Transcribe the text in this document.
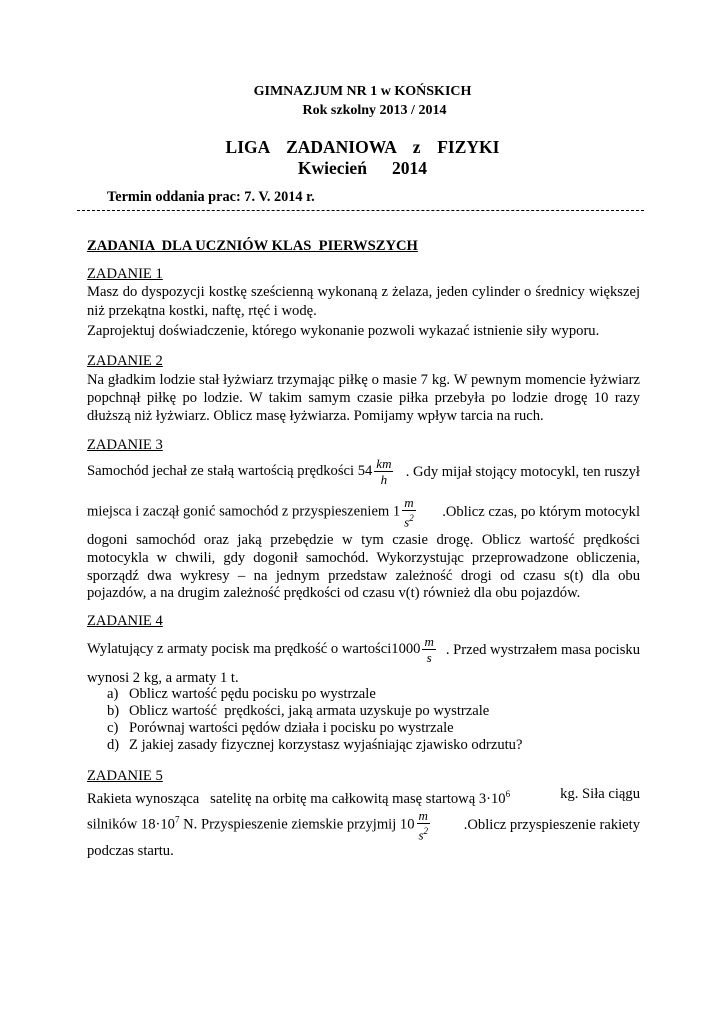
GIMNAZJUM NR 1 w KOŃSKICH
Rok szkolny 2013 / 2014
LIGA  ZADANIOWA  z  FIZYKI
Kwiecień   2014
Termin oddania prac: 7. V. 2014 r.
ZADANIA  DLA UCZNIÓW KLAS  PIERWSZYCH
ZADANIE 1
Masz do dyspozycji kostkę sześcienną wykonaną z żelaza, jeden cylinder o średnicy większej
niż przekątna kostki, naftę, rtęć i wodę.
Zaprojektuj doświadczenie, którego wykonanie pozwoli wykazać istnienie siły wyporu.
ZADANIE 2
Na gładkim lodzie stał łyżwiarz trzymając piłkę o masie 7 kg. W pewnym momencie łyżwiarz
popchnął piłkę po lodzie. W takim samym czasie piłka przebyła po lodzie drogę 10 razy
dłuższą niż łyżwiarz. Oblicz masę łyżwiarza. Pomijamy wpływ tarcia na ruch.
ZADANIE 3
Samochód jechał ze stałą wartością prędkości $54 \frac{km}{h}$ . Gdy mijał stojący motocykl, ten ruszył
miejsca i zaczął gonić samochód z przyspieszeniem $1 \frac{m}{s^2}$ .Oblicz czas, po którym motocykl
dogoni samochód oraz jaką przebędzie w tym czasie drogę. Oblicz wartość prędkości
motocykla w chwili, gdy dogonił samochód. Wykorzystując przeprowadzone obliczenia,
sporządź dwa wykresy – na jednym przedstaw zależność drogi od czasu s(t) dla obu
pojazdów, a na drugim zależność prędkości od czasu v(t) również dla obu pojazdów.
ZADANIE 4
Wylatujący z armaty pocisk ma prędkość o wartości1000 $\frac{m}{s}$ . Przed wystrzałem masa pocisku
wynosi 2 kg, a armaty 1 t.
a) Oblicz wartość pędu pocisku po wystrzale
b) Oblicz wartość  prędkości, jaką armata uzyskuje po wystrzale
c) Porównaj wartości pędów działa i pocisku po wystrzale
d) Z jakiej zasady fizycznej korzystasz wyjaśniając zjawisko odrzutu?
ZADANIE 5
Rakieta wynosząca   satelitę na orbitę ma całkowitą masę startową $3\cdot 10^6$	kg. Siła ciągu
silników $18\cdot 10^7$ N. Przyspieszenie ziemskie przyjmij $10 \frac{m}{s^2}$ .Oblicz przyspieszenie rakiety
podczas startu.
